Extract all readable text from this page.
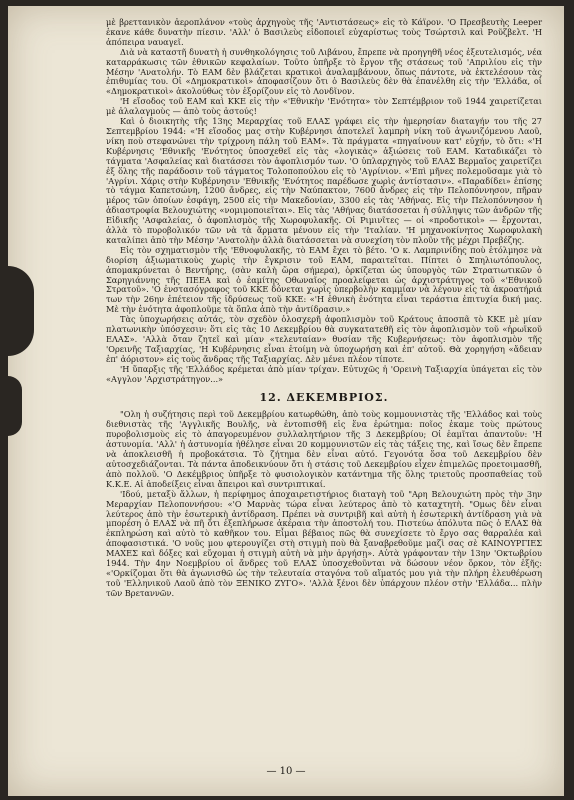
μὲ βρεττανικὸν ἀεροπλάνον «τοὺς ἀρχηγοὺς τῆς 'Αντιστάσεως» εἰς τὸ Κάϊρον. 'Ο Πρεσβευτὴς Leeper ἐκανε κάθε δυνατὴν πίεσιν. 'Αλλ' ὁ Βασιλεὺς εἰδοποιεῖ εὐχαρίστως τοὺς Τσώρτσιλ καὶ Ροῦζβελτ. 'Η ἀπόπειρα ναυαγεῖ.

Διὰ νὰ καταστῆ δυνατὴ ἡ συνθηκολόγησις τοῦ Λιβάνου, ἔπρεπε νὰ προηγηθῆ νέος ἐξευτελισμός, νέα καταρράκωσις τῶν ἐθνικῶν κεφαλαίων. Τοῦτο ὑπῆρξε τὸ ἔργον τῆς στάσεως τοῦ 'Απριλίου εἰς τὴν Μέσην 'Ανατολήν. Τὸ ΕΑΜ δὲν βλάζεται κρατικοὶ ἀναλαμβάνουν, ὅπως πάντοτε, νὰ ἐκτελέσουν τὰς ἐπιθυμίας του. Οἱ «Δημοκρατικοὶ» ἀποφασίζουν ὅτι ὁ Βασιλεὺς δὲν θὰ ἐπανέλθη εἰς τὴν 'Ελλάδα, οἱ «Δημοκρατικοὶ» ἀκολούθως τὸν ἐξορίζουν εἰς τὸ Λονδῖνον.

'Η εἴσοδος τοῦ ΕΑΜ καὶ ΚΚΕ εἰς τὴν «'Εθνικὴν 'Ενότητα» τὸν Σεπτέμβριον τοῦ 1944 χαιρετίζεται μὲ ἀλαλαγμοὺς — ἀπὸ τοὺς ἀστούς!

Καὶ ὁ διοικητὴς τῆς 13ης Μεραρχίας τοῦ ΕΛΑΣ γράφει εἰς τὴν ἡμερησίαν διαταγήν του τῆς 27 Σεπτεμβρίου 1944: «'Η εἴσοδος μας στὴν Κυβέρνησι ἀποτελεῖ λαμπρὴ νίκη τοῦ ἀγωνιζόμενου Λαοῦ, νίκη ποὺ στεφανώνει τὴν τρίχρονη πάλη τοῦ ΕΑΜ». Τὰ πράγματα «πηγαίνουν κατ' εὐχήν, τὸ ὅτι: «'Η Κυβέρνησις 'Εθνικῆς 'Ενότητος ὑποσχεθεῖ εἰς τὰς «λογικὰς» ἀξιώσεις τοῦ ΕΑΜ. Καταδικάζει τὸ τάγματα 'Ασφαλείας καὶ διατάσσει τὸν ἀφοπλισμόν των. 'Ο ὑπλαρχηγὸς τοῦ ΕΛΑΣ Βερμαῖος χαιρετίζει ἐξ ὅλης τῆς παράδοσιν τοῦ τάγματος Τολοποπούλου εἰς τὸ 'Αγρίνιον. «'Επὶ μῆνες πολεμοῦσαμε γιὰ τὸ 'Αγρίνι. Χάρις στὴν Κυβέρνησιν 'Εθνικῆς 'Ενότητος παρέδωσε χωρὶς ἀντίστασιν». «Παραδίδει» ἐπίσης τὸ τάγμα Καπετσώνη, 1200 ἄνδρες, εἰς τὴν Ναύπακτον, 7600 ἄνδρες εἰς τὴν Πελοπόννησον, πῆραν μέρος τῶν ὁποίων ἐσφάγη, 2500 εἰς τὴν Μακεδονίαν, 3300 εἰς τὰς 'Αθήνας. Εἰς τὴν Πελοπόννησον ἡ ἀδιαστροφία Βελουχιώτης «νομιμοποιεῖται». Εἰς τὰς 'Αθήνας διατάσσεται ἡ σύλληψις τῶν ἀνδρῶν τῆς Εἰδικῆς 'Ασφαλείας, ὁ ἀφοπλισμὸς τῆς Χωροφυλακῆς. Οἱ Ριμινῖτες — οἱ «προδοτικοὶ» — ἔρχονται, ἀλλὰ τὸ πυροβολικόν τῶν νὰ τὰ ἄρματα μένουν εἰς τὴν 'Ιταλίαν. 'Η μηχανοκίνητος Χωροφυλακὴ καταλίπει ἀπὸ τὴν Μέσην 'Ανατολὴν ἀλλὰ διατάσσεται νὰ συνεχίση τὸν πλοῦν τῆς μέχρι Πρεβέζης.

Εἰς τὸν σχηματισμὸν τῆς 'Εθνοφυλακῆς, τὸ ΕΑΜ ἔχει τὸ βέτο. 'Ο κ. Λαμπρινίδης ποὺ ἐτόλμησε νὰ διορίση ἀξιωματικοὺς χωρὶς τὴν ἔγκρισιν τοῦ ΕΑΜ, παραιτεῖται. Πίπτει ὁ Σπηλιωτόπουλος, ἀπομακρύνεται ὁ Βεντήρης, (σὰν καλὴ ὥρα σήμερα), ὁρκίζεται ὡς ὑπουργὸς τῶν Στρατιωτικῶν ὁ Σαρηγιάννης τῆς ΠΕΕΑ καὶ ὁ ἐαμίτης Οθωναῖος προαλείφεται ὡς ἀρχιστράτηγος τοῦ «'Εθνικοῦ Στρατοῦ». 'Ο ἐνστασόγραφος τοῦ ΚΚΕ δόνεται χωρὶς ὑπερβολὴν καμμίαν νὰ λέγουν εἰς τὰ ἀκροατήριά των τὴν 26ην ἐπέτειον τῆς ἱδρύσεως τοῦ ΚΚΕ: «'Η ἐθνικὴ ἑνότητα εἶναι τεράστια ἐπιτυχία δική μας. Μὲ τὴν ἑνότητα ἀφοπλοῦμε τὰ ὅπλα ἀπὸ τὴν ἀντίδρασιν.»

Τὰς ὑποχωρήσεις αὐτάς, τὸν σχεδὸν ὁλοσχερῆ ἀφοπλισμὸν τοῦ Κράτους ἀποσπᾶ τὸ ΚΚΕ μὲ μίαν πλατωνικὴν ὑπόσχεσιν: ὅτι εἰς τὰς 10 Δεκεμβρίου θὰ συγκατατεθῆ εἰς τὸν ἀφοπλισμὸν τοῦ «ἡρωϊκοῦ ΕΛΑΣ». 'Αλλὰ ὅταν ζητεῖ καὶ μίαν «τελευταίαν» θυσίαν τῆς Κυβερνήσεως: τὸν ἀφοπλισμὸν τῆς 'Ορεινῆς Ταξιαρχίας, 'Η Κυβέρνησις εἶναι ἑτοίμη νὰ ὑποχωρήση καὶ ἐπ' αὐτοῦ. Θὰ χορηγήση «ἄδειαν ἐπ' ἀόριστον» εἰς τοὺς ἄνδρας τῆς Ταξιαρχίας. Δὲν μένει πλέον τίποτε.

'Η ὕπαρξις τῆς 'Ελλάδος κρέμεται ἀπὸ μίαν τρίχαν. Εὐτυχῶς ἡ 'Ορεινὴ Ταξιαρχία ὑπάγεται εἰς τὸν «Αγγλον 'Αρχιστράτηγον...»

12. ΔΕΚΕΜΒΡΙΟΣ.

"Ολη ἡ συζήτησις περὶ τοῦ Δεκεμβρίου κατωρθώθη, ἀπὸ τοὺς κομμουνιστὰς τῆς 'Ελλάδος καὶ τοὺς διεθνιστὰς τῆς 'Αγγλικῆς Βουλῆς, νὰ ἐντοπισθῆ εἰς ἕνα ἐρώτημα: ποῖος ἐκαμε τοὺς πρώτους πυροβολισμοὺς εἰς τὸ ἀπαγορευμένον συλλαλητήριον τῆς 3 Δεκεμβρίου; Οἱ ἐαμῖται ἀπαντοῦν: 'Η ἀστυνομία. 'Αλλ' ἡ ἀστυνομία ἠθέλησε εἶναι 20 κομμουνιστῶν εἰς τὰς τάξεις της, καὶ ἴσως δὲν ἔπρεπε νὰ ἀποκλεισθῆ ἡ προβοκάτσια. Τὸ ζήτημα δὲν εἶναι αὐτό. Γεγονότα ὅσα τοῦ Δεκεμβρίου δὲν αὐτοσχεδιάζονται. Τὰ πάντα ἀποδεικνύουν ὅτι ἡ στάσις τοῦ Δεκεμβρίου εἶχεν ἐπιμελῶς προετοιμασθῆ, ἀπὸ πολλοῦ. 'Ο Δεκέμβριος ὑπῆρξε τὸ φυσιολογικὸν κατάντημα τῆς ὅλης τριετοῦς προσπαθείας τοῦ Κ.Κ.Ε. Αἱ ἀποδείξεις εἶναι ἄπειροι καὶ συντριπτικαί.

'Ιδού, μεταξὺ ἄλλων, ἡ περίφημος ἀποχαιρετιστήριος διαταγὴ τοῦ "Αρη Βελουχιώτη πρὸς τὴν 3ην Μεραρχίαν Πελοποννήσου: «'Ο Μαρνὰς τώρα εἶναι λεύτερος ἀπὸ τὸ καταχτητὴ. "Ομως δὲν εἶναι λεύτερος ἀπὸ τὴν ἐσωτερικὴ ἀντίδραση. Πρέπει νὰ συντριβῆ καὶ αὐτὴ ἡ ἐσωτερικὴ ἀντίδραση γιὰ νὰ μπορέση ὁ ΕΛΑΣ νὰ πῆ ὅτι ἐξεπλήρωσε ἀκέραια τὴν ἀποστολή του. Πιστεύω ἀπόλυτα πῶς ὁ ΕΛΑΣ θὰ ἐκπληρώση καὶ αὐτὸ τὸ καθῆκον του. Εἶμαι βέβαιος πῶς θὰ συνεχίσετε τὸ ἔργο σας θαρραλέα καὶ ἀποφασιστικά. 'Ο νοῦς μου φτερουγίζει στὴ στιγμὴ ποὺ θὰ ξαναβρεθοῦμε μαζὶ σας σὲ ΚΑΙΝΟΥΡΓΙΕΣ ΜΑΧΕΣ καὶ δόξες καὶ εὔχομαι ἡ στιγμὴ αὐτὴ νὰ μὴν ἀργήσῃ». Αὐτὰ γράφονταν τὴν 13ην 'Οκτωβρίου 1944. Τὴν 4ην Νοεμβρίου οἱ ἄνδρες τοῦ ΕΛΑΣ ὑποσχεθοῦνται νὰ δώσουν νέον ὅρκον, τὸν ἑξῆς: «'Ορκίζομαι ὅτι θὰ ἀγωνισθῶ ὡς τὴν τελευταία σταγόνα τοῦ αἵματός μου γιὰ τὴν πλήρη ἐλευθέρωση τοῦ 'Ελληνικοῦ Λαοῦ ἀπὸ τὸν ΞΕΝΙΚΟ ΖΥΓΟ». 'Αλλὰ ξένοι δὲν ὑπάρχουν πλέον στὴν 'Ελλάδα... πλὴν τῶν Βρεταννῶν.

— 10 —
